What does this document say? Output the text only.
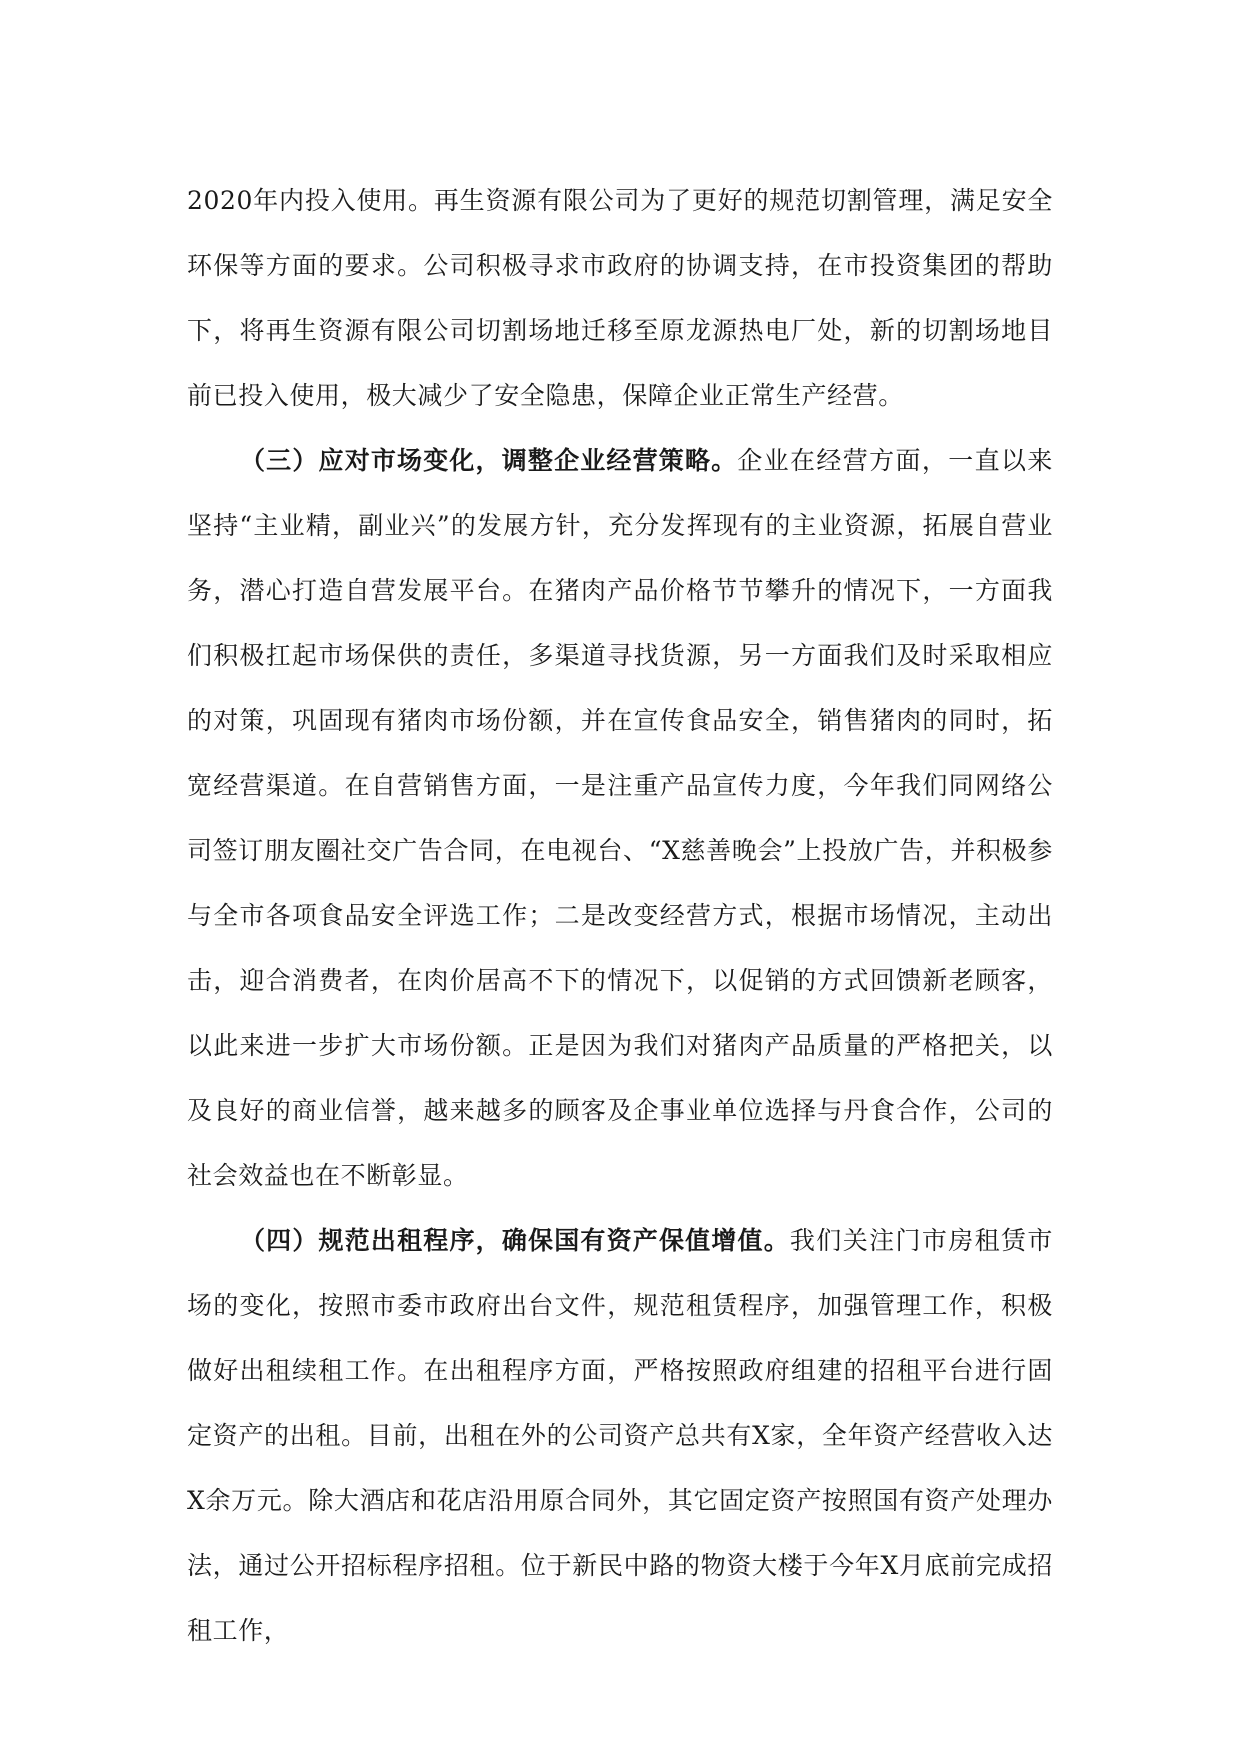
2020年内投入使用。再生资源有限公司为了更好的规范切割管理，满足安全环保等方面的要求。公司积极寻求市政府的协调支持，在市投资集团的帮助下，将再生资源有限公司切割场地迁移至原龙源热电厂处，新的切割场地目前已投入使用，极大减少了安全隐患，保障企业正常生产经营。

（三）应对市场变化，调整企业经营策略。企业在经营方面，一直以来坚持“主业精，副业兴”的发展方针，充分发挥现有的主业资源，拓展自营业务，潜心打造自营发展平台。在猪肉产品价格节节攀升的情况下，一方面我们积极扛起市场保供的责任，多渠道寻找货源，另一方面我们及时采取相应的对策，巩固现有猪肉市场份额，并在宣传食品安全，销售猪肉的同时，拓宽经营渠道。在自营销售方面，一是注重产品宣传力度，今年我们同网络公司签订朋友圈社交广告合同，在电视台、“X慈善晚会”上投放广告，并积极参与全市各项食品安全评选工作；二是改变经营方式，根据市场情况，主动出击，迎合消费者，在肉价居高不下的情况下，以促销的方式回馈新老顾客，以此来进一步扩大市场份额。正是因为我们对猪肉产品质量的严格把关，以及良好的商业信誉，越来越多的顾客及企事业单位选择与丹食合作，公司的社会效益也在不断彰显。

（四）规范出租程序，确保国有资产保值增值。我们关注门市房租赁市场的变化，按照市委市政府出台文件，规范租赁程序，加强管理工作，积极做好出租续租工作。在出租程序方面，严格按照政府组建的招租平台进行固定资产的出租。目前，出租在外的公司资产总共有X家，全年资产经营收入达X余万元。除大酒店和花店沿用原合同外，其它固定资产按照国有资产处理办法，通过公开招标程序招租。位于新民中路的物资大楼于今年X月底前完成招租工作，
